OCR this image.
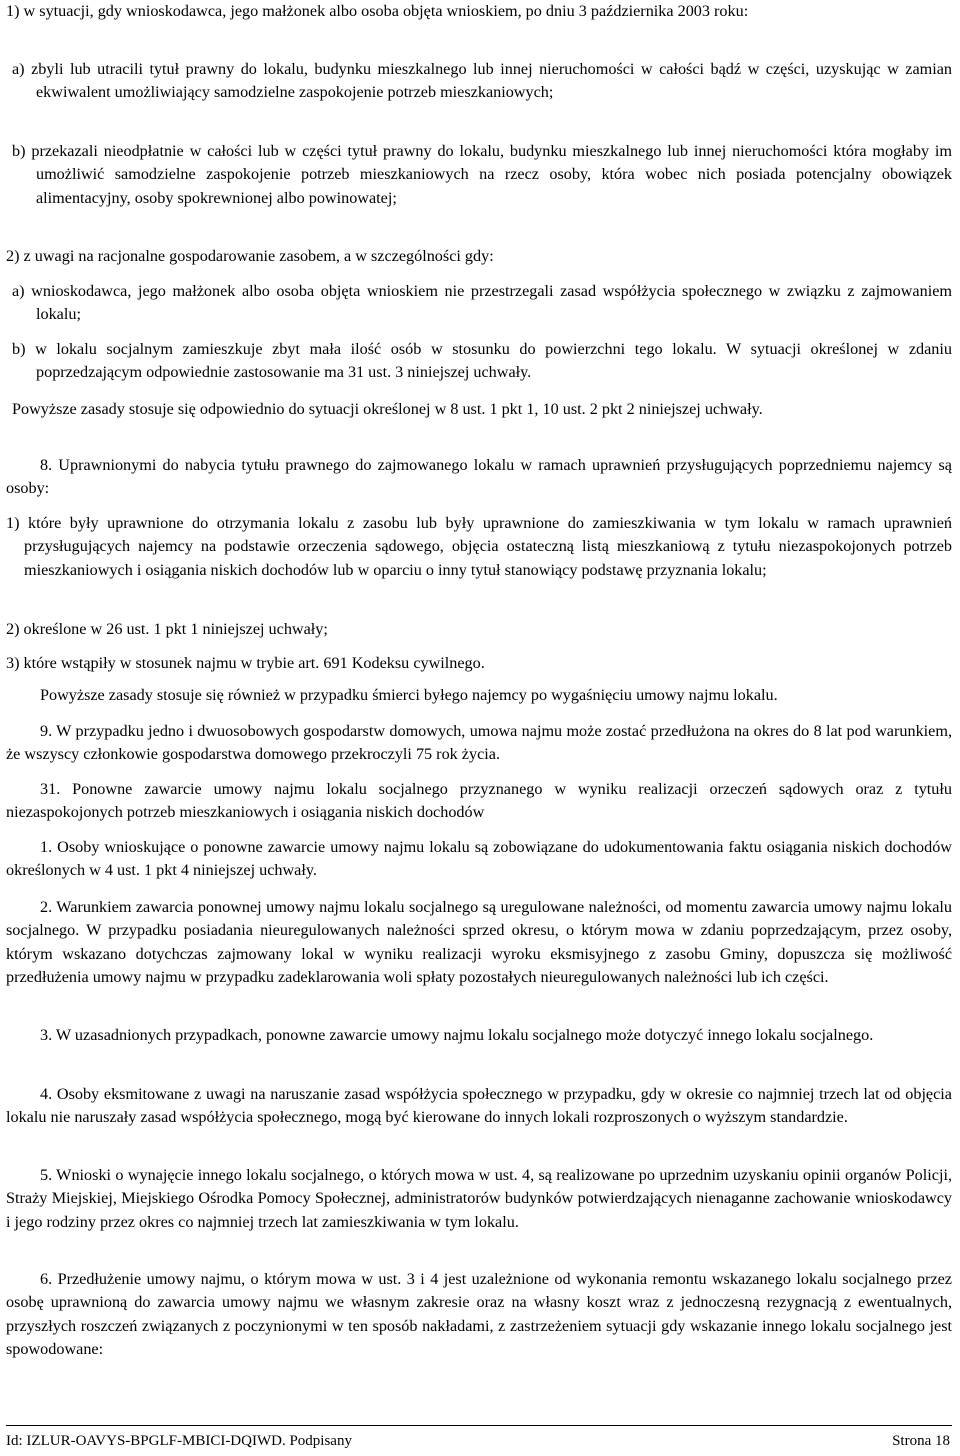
1) w sytuacji, gdy wnioskodawca, jego małżonek albo osoba objęta wnioskiem, po dniu 3 października 2003 roku:

a) zbyli lub utracili tytuł prawny do lokalu, budynku mieszkalnego lub innej nieruchomości w całości bądź w części, uzyskując w zamian ekwiwalent umożliwiający samodzielne zaspokojenie potrzeb mieszkaniowych;

b) przekazali nieodpłatnie w całości lub w części tytuł prawny do lokalu, budynku mieszkalnego lub innej nieruchomości która mogłaby im umożliwić samodzielne zaspokojenie potrzeb mieszkaniowych na rzecz osoby, która wobec nich posiada potencjalny obowiązek alimentacyjny, osoby spokrewnionej albo powinowatej;

2) z uwagi na racjonalne gospodarowanie zasobem, a w szczególności gdy:

a) wnioskodawca, jego małżonek albo osoba objęta wnioskiem nie przestrzegali zasad współżycia społecznego w związku z zajmowaniem lokalu;

b) w lokalu socjalnym zamieszkuje zbyt mała ilość osób w stosunku do powierzchni tego lokalu. W sytuacji określonej w zdaniu poprzedzającym odpowiednie zastosowanie ma 31 ust. 3 niniejszej uchwały.

Powyższe zasady stosuje się odpowiednio do sytuacji określonej w 8 ust. 1 pkt 1, 10 ust. 2 pkt 2 niniejszej uchwały.

8. Uprawnionymi do nabycia tytułu prawnego do zajmowanego lokalu w ramach uprawnień przysługujących poprzedniemu najemcy są osoby:

1) które były uprawnione do otrzymania lokalu z zasobu lub były uprawnione do zamieszkiwania w tym lokalu w ramach uprawnień przysługujących najemcy na podstawie orzeczenia sądowego, objęcia ostateczną listą mieszkaniową z tytułu niezaspokojonych potrzeb mieszkaniowych i osiągania niskich dochodów lub w oparciu o inny tytuł stanowiący podstawę przyznania lokalu;

2) określone w 26 ust. 1 pkt 1 niniejszej uchwały;

3) które wstąpiły w stosunek najmu w trybie art. 691 Kodeksu cywilnego.

Powyższe zasady stosuje się również w przypadku śmierci byłego najemcy po wygaśnięciu umowy najmu lokalu.

9. W przypadku jedno i dwuosobowych gospodarstw domowych, umowa najmu może zostać przedłużona na okres do 8 lat pod warunkiem, że wszyscy członkowie gospodarstwa domowego przekroczyli 75 rok życia.

31. Ponowne zawarcie umowy najmu lokalu socjalnego przyznanego w wyniku realizacji orzeczeń sądowych oraz z tytułu niezaspokojonych potrzeb mieszkaniowych i osiągania niskich dochodów

1. Osoby wnioskujące o ponowne zawarcie umowy najmu lokalu są zobowiązane do udokumentowania faktu osiągania niskich dochodów określonych w 4 ust. 1 pkt 4 niniejszej uchwały.

2. Warunkiem zawarcia ponownej umowy najmu lokalu socjalnego są uregulowane należności, od momentu zawarcia umowy najmu lokalu socjalnego. W przypadku posiadania nieuregulowanych należności sprzed okresu, o którym mowa w zdaniu poprzedzającym, przez osoby, którym wskazano dotychczas zajmowany lokal w wyniku realizacji wyroku eksmisyjnego z zasobu Gminy, dopuszcza się możliwość przedłużenia umowy najmu w przypadku zadeklarowania woli spłaty pozostałych nieuregulowanych należności lub ich części.

3. W uzasadnionych przypadkach, ponowne zawarcie umowy najmu lokalu socjalnego może dotyczyć innego lokalu socjalnego.

4. Osoby eksmitowane z uwagi na naruszanie zasad współżycia społecznego w przypadku, gdy w okresie co najmniej trzech lat od objęcia lokalu nie naruszały zasad współżycia społecznego, mogą być kierowane do innych lokali rozproszonych o wyższym standardzie.

5. Wnioski o wynajęcie innego lokalu socjalnego, o których mowa w ust. 4, są realizowane po uprzednim uzyskaniu opinii organów Policji, Straży Miejskiej, Miejskiego Ośrodka Pomocy Społecznej, administratorów budynków potwierdzających nienaganne zachowanie wnioskodawcy i jego rodziny przez okres co najmniej trzech lat zamieszkiwania w tym lokalu.

6. Przedłużenie umowy najmu, o którym mowa w ust. 3 i 4 jest uzależnione od wykonania remontu wskazanego lokalu socjalnego przez osobę uprawnioną do zawarcia umowy najmu we własnym zakresie oraz na własny koszt wraz z jednoczesną rezygnacją z ewentualnych, przyszłych roszczeń związanych z poczynionymi w ten sposób nakładami, z zastrzeżeniem sytuacji gdy wskazanie innego lokalu socjalnego jest spowodowane:

Id: IZLUR-OAVYS-BPGLF-MBICI-DQIWD. Podpisany	Strona 18
